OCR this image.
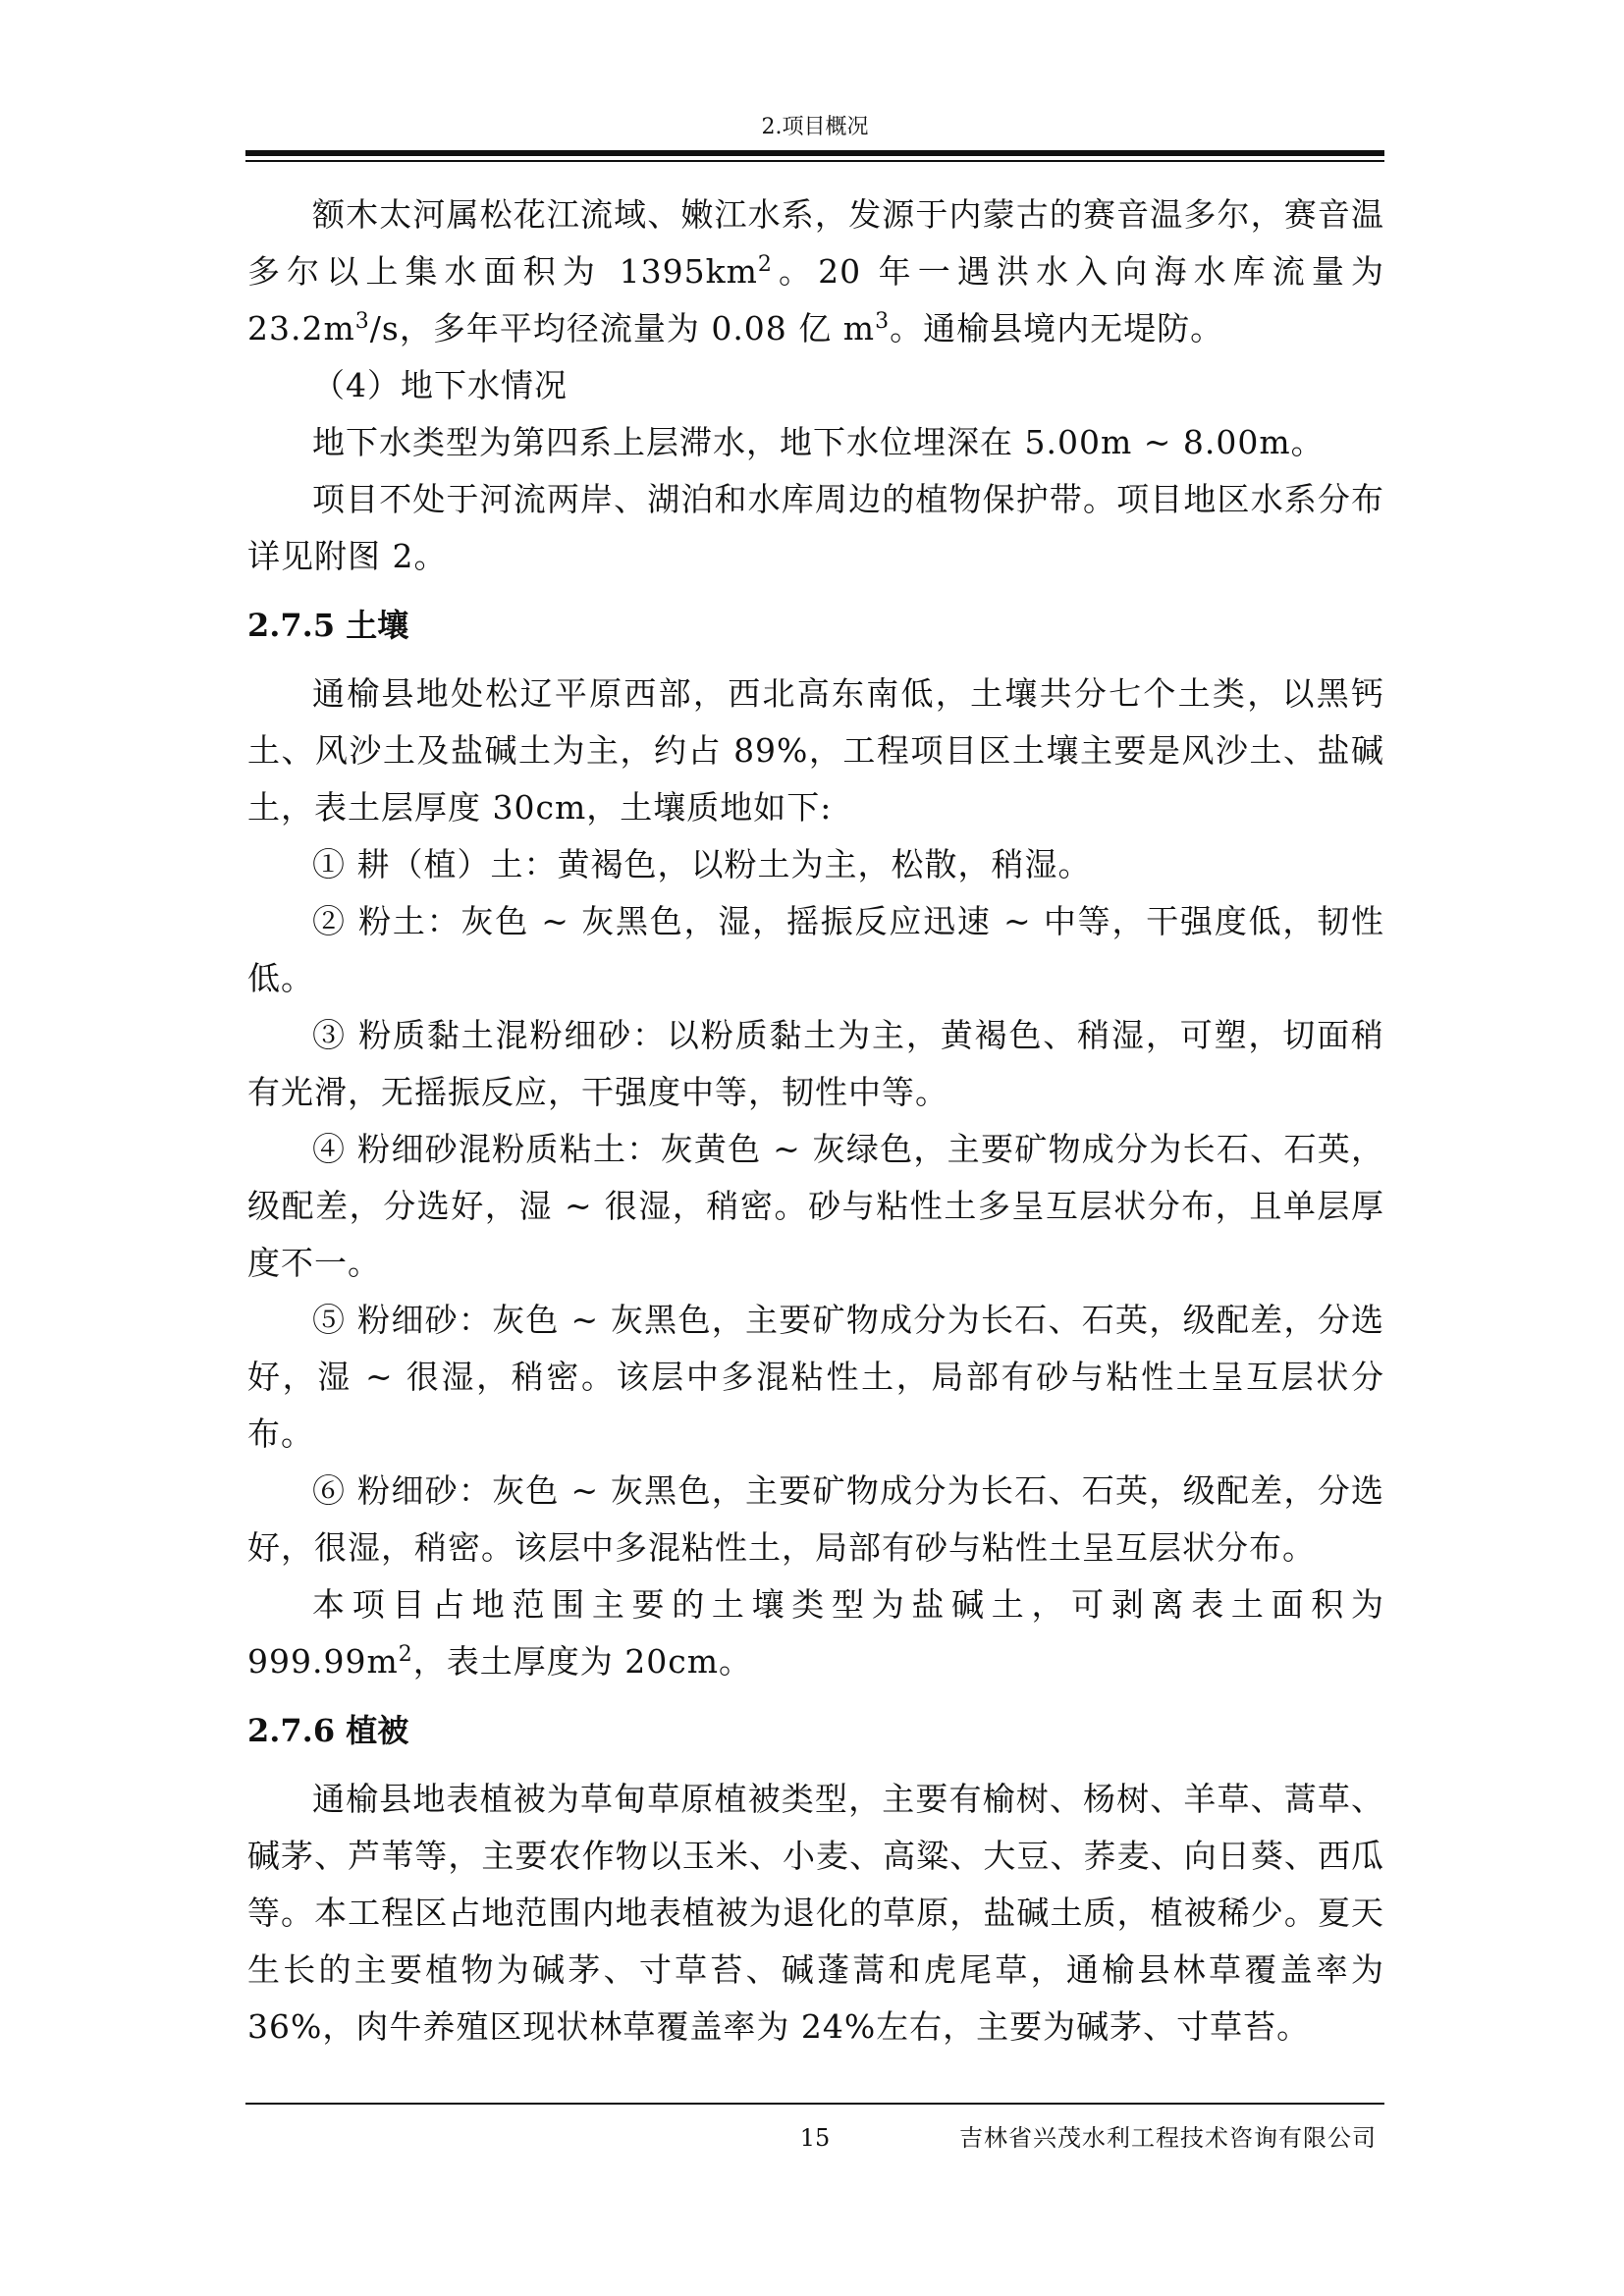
2.项目概况

额木太河属松花江流域、嫩江水系，发源于内蒙古的赛音温多尔，赛音温多尔以上集水面积为 $1395km^2$。20 年一遇洪水入向海水库流量为 $23.2m^3/s$，多年平均径流量为 0.08 亿 $m^3$。通榆县境内无堤防。

（4）地下水情况

地下水类型为第四系上层滞水，地下水位埋深在 5.00m ~ 8.00m。

项目不处于河流两岸、湖泊和水库周边的植物保护带。项目地区水系分布详见附图 2。

2.7.5 土壤

通榆县地处松辽平原西部，西北高东南低，土壤共分七个土类，以黑钙土、风沙土及盐碱土为主，约占 89%，工程项目区土壤主要是风沙土、盐碱土，表土层厚度 30cm，土壤质地如下:

① 耕（植）土：黄褐色，以粉土为主，松散，稍湿。

② 粉土：灰色 ~ 灰黑色，湿，摇振反应迅速 ~ 中等，干强度低，韧性低。

③ 粉质黏土混粉细砂：以粉质黏土为主，黄褐色、稍湿，可塑，切面稍有光滑，无摇振反应，干强度中等，韧性中等。

④ 粉细砂混粉质粘土：灰黄色 ~ 灰绿色，主要矿物成分为长石、石英，级配差，分选好，湿 ~ 很湿，稍密。砂与粘性土多呈互层状分布，且单层厚度不一。

⑤ 粉细砂：灰色 ~ 灰黑色，主要矿物成分为长石、石英，级配差，分选好，湿 ~ 很湿，稍密。该层中多混粘性土，局部有砂与粘性土呈互层状分布。

⑥ 粉细砂：灰色 ~ 灰黑色，主要矿物成分为长石、石英，级配差，分选好，很湿，稍密。该层中多混粘性土，局部有砂与粘性土呈互层状分布。

本项目占地范围主要的土壤类型为盐碱土，可剥离表土面积为 $999.99m^2$，表土厚度为 20cm。

2.7.6 植被

通榆县地表植被为草甸草原植被类型，主要有榆树、杨树、羊草、蒿草、碱茅、芦苇等，主要农作物以玉米、小麦、高粱、大豆、荞麦、向日葵、西瓜等。本工程区占地范围内地表植被为退化的草原，盐碱土质，植被稀少。夏天生长的主要植物为碱茅、寸草苔、碱蓬蒿和虎尾草，通榆县林草覆盖率为 36%，肉牛养殖区现状林草覆盖率为 24%左右，主要为碱茅、寸草苔。

15	吉林省兴茂水利工程技术咨询有限公司
